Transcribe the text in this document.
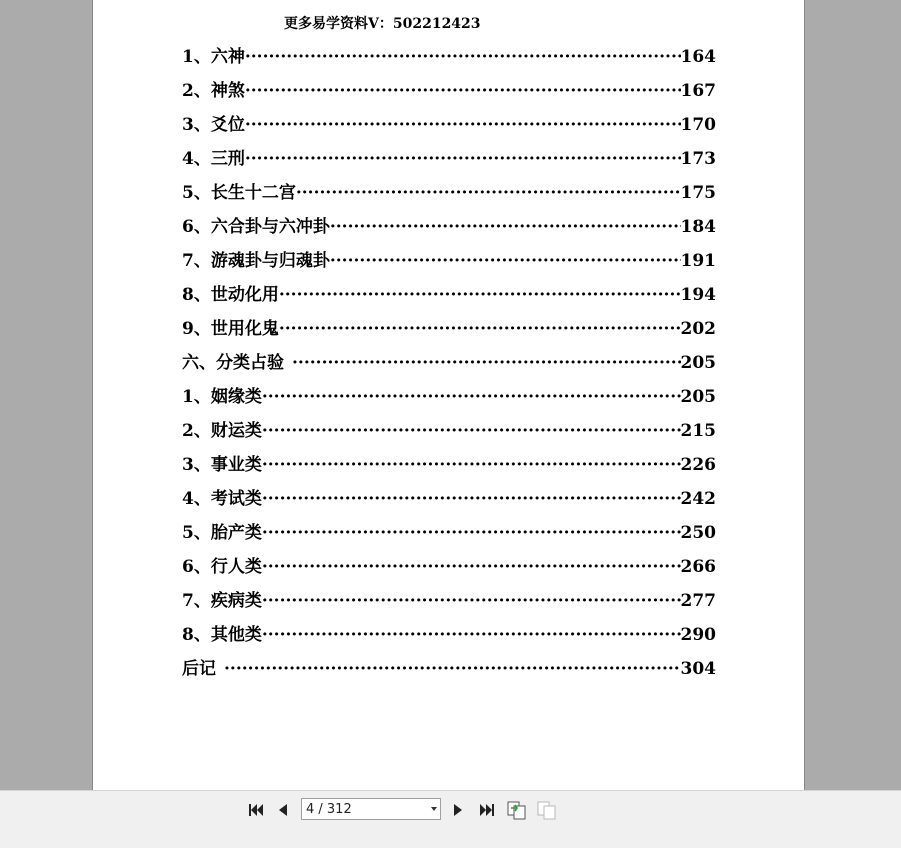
更多易学资料V：502212423
1、六神 ·····	164
2、神煞 ·····	167
3、爻位 ·····	170
4、三刑 ·····	173
5、长生十二宫 ·····	175
6、六合卦与六冲卦 ·····	184
7、游魂卦与归魂卦 ·····	191
8、世动化用 ·····	194
9、世用化鬼 ·····	202
六、分类占验 ·····	205
1、姻缘类 ·····	205
2、财运类 ·····	215
3、事业类 ·····	226
4、考试类 ·····	242
5、胎产类 ·····	250
6、行人类 ·····	266
7、疾病类 ·····	277
8、其他类 ·····	290
后记 ·····	304
4 / 312
